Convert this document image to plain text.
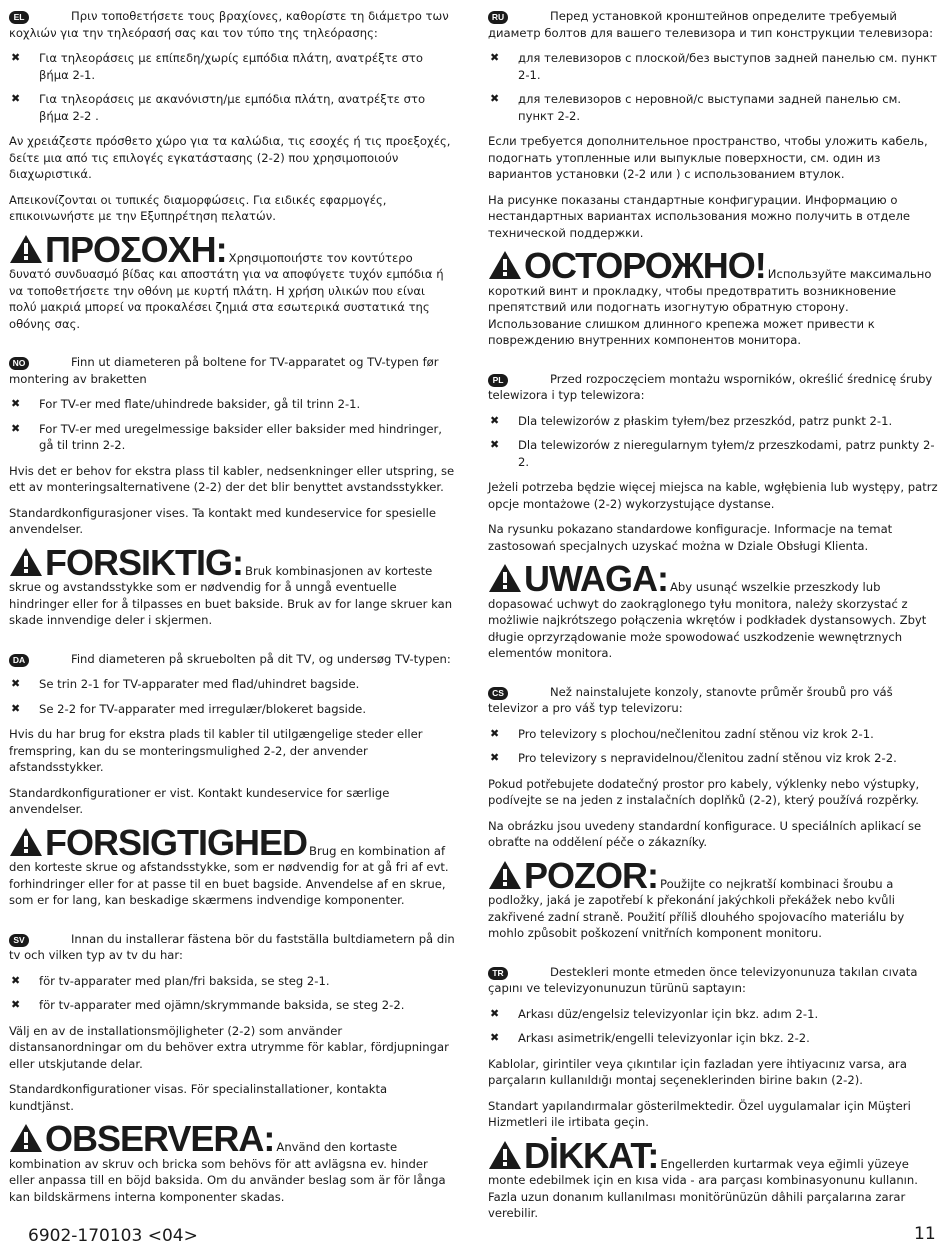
EL	Πριν τοποθετήσετε τους βραχίονες, καθορίστε τη διάμετρο των κοχλιών για την τηλεόρασή σας και τον τύπο της τηλεόρασης:

✖ Για τηλεοράσεις με επίπεδη/χωρίς εμπόδια πλάτη, ανατρέξτε στο βήμα 2-1.
✖ Για τηλεοράσεις με ακανόνιστη/με εμπόδια πλάτη, ανατρέξτε στο βήμα 2-2 .

Αν χρειάζεστε πρόσθετο χώρο για τα καλώδια, τις εσοχές ή τις προεξοχές, δείτε μια από τις επιλογές εγκατάστασης (2-2) που χρησιμοποιούν διαχωριστικά.

Απεικονίζονται οι τυπικές διαμορφώσεις. Για ειδικές εφαρμογές, επικοινωνήστε με την Εξυπηρέτηση πελατών.

ΠΡΟΣΟΧΗ: Χρησιμοποιήστε τον κοντύτερο δυνατό συνδυασμό βίδας και αποστάτη για να αποφύγετε τυχόν εμπόδια ή να τοποθετήσετε την οθόνη με κυρτή πλάτη. Η χρήση υλικών που είναι πολύ μακριά μπορεί να προκαλέσει ζημιά στα εσωτερικά συστατικά της οθόνης σας.

NO	Finn ut diameteren på boltene for TV-apparatet og TV-typen før montering av braketten

✖ For TV-er med flate/uhindrede baksider, gå til trinn 2-1.
✖ For TV-er med uregelmessige baksider eller baksider med hindringer, gå til trinn 2-2.

Hvis det er behov for ekstra plass til kabler, nedsenkninger eller utspring, se ett av monteringsalternativene (2-2) der det blir benyttet avstandsstykker.

Standardkonfigurasjoner vises. Ta kontakt med kundeservice for spesielle anvendelser.

FORSIKTIG: Bruk kombinasjonen av korteste skrue og avstandsstykke som er nødvendig for å unngå eventuelle hindringer eller for å tilpasses en buet bakside. Bruk av for lange skruer kan skade innvendige deler i skjermen.

DA	Find diameteren på skruebolten på dit TV, og undersøg TV-typen:

✖ Se trin 2-1 for TV-apparater med flad/uhindret bagside.
✖ Se 2-2 for TV-apparater med irregulær/blokeret bagside.

Hvis du har brug for ekstra plads til kabler til utilgængelige steder eller fremspring, kan du se monteringsmulighed 2-2, der anvender afstandsstykker.

Standardkonfigurationer er vist. Kontakt kundeservice for særlige anvendelser.

FORSIGTIGHED Brug en kombination af den korteste skrue og afstandsstykke, som er nødvendig for at gå fri af evt. forhindringer eller for at passe til en buet bagside. Anvendelse af en skrue, som er for lang, kan beskadige skærmens indvendige komponenter.

SV	Innan du installerar fästena bör du fastställa bultdiametern på din tv och vilken typ av tv du har:

✖ för tv-apparater med plan/fri baksida, se steg 2-1.
✖ för tv-apparater med ojämn/skrymmande baksida, se steg 2-2.

Välj en av de installationsmöjligheter (2-2) som använder distansanordningar om du behöver extra utrymme för kablar, fördjupningar eller utskjutande delar.

Standardkonfigurationer visas. För specialinstallationer, kontakta kundtjänst.

OBSERVERA: Använd den kortaste kombination av skruv och bricka som behövs för att avlägsna ev. hinder eller anpassa till en böjd baksida. Om du använder beslag som är för långa kan bildskärmens interna komponenter skadas.

RU	Перед установкой кронштейнов определите требуемый диаметр болтов для вашего телевизора и тип конструкции телевизора:

✖ для телевизоров с плоской/без выступов задней панелью см. пункт 2-1.
✖ для телевизоров с неровной/с выступами задней панелью см. пункт 2-2.

Если требуется дополнительное пространство, чтобы уложить кабель, подогнать утопленные или выпуклые поверхности, см. один из вариантов установки (2-2 или ) с использованием втулок.

На рисунке показаны стандартные конфигурации. Информацию о нестандартных вариантах использования можно получить в отделе технической поддержки.

ОСТОРОЖНО! Используйте максимально короткий винт и прокладку, чтобы предотвратить возникновение препятствий или подогнать изогнутую обратную сторону. Использование слишком длинного крепежа может привести к повреждению внутренних компонентов монитора.

PL	Przed rozpoczęciem montażu wsporników, określić średnicę śruby telewizora i typ telewizora:

✖ Dla telewizorów z płaskim tyłem/bez przeszkód, patrz punkt 2-1.
✖ Dla telewizorów z nieregularnym tyłem/z przeszkodami, patrz punkty 2-2.

Jeżeli potrzeba będzie więcej miejsca na kable, wgłębienia lub występy, patrz opcje montażowe (2-2) wykorzystujące dystanse.

Na rysunku pokazano standardowe konfiguracje. Informacje na temat zastosowań specjalnych uzyskać można w Dziale Obsługi Klienta.

UWAGA: Aby usunąć wszelkie przeszkody lub dopasować uchwyt do zaokrąglonego tyłu monitora, należy skorzystać z możliwie najkrótszego połączenia wkrętów i podkładek dystansowych. Zbyt długie oprzyrządowanie może spowodować uszkodzenie wewnętrznych elementów monitora.

CS	Než nainstalujete konzoly, stanovte průměr šroubů pro váš televizor a pro váš typ televizoru:

✖ Pro televizory s plochou/nečlenitou zadní stěnou viz krok 2-1.
✖ Pro televizory s nepravidelnou/členitou zadní stěnou viz krok 2-2.

Pokud potřebujete dodatečný prostor pro kabely, výklenky nebo výstupky, podívejte se na jeden z instalačních doplňků (2-2), který používá rozpěrky.

Na obrázku jsou uvedeny standardní konfigurace. U speciálních aplikací se obraťte na oddělení péče o zákazníky.

POZOR: Použijte co nejkratší kombinaci šroubu a podložky, jaká je zapotřebí k překonání jakýchkoli překážek nebo kvůli zakřivené zadní straně. Použití příliš dlouhého spojovacího materiálu by mohlo způsobit poškození vnitřních komponent monitoru.

TR	Destekleri monte etmeden önce televizyonunuza takılan cıvata çapını ve televizyonunuzun türünü saptayın:

✖ Arkası düz/engelsiz televizyonlar için bkz. adım 2-1.
✖ Arkası asimetrik/engelli televizyonlar için bkz. 2-2.

Kablolar, girintiler veya çıkıntılar için fazladan yere ihtiyacınız varsa, ara parçaların kullanıldığı montaj seçeneklerinden birine bakın (2-2).

Standart yapılandırmalar gösterilmektedir. Özel uygulamalar için Müşteri Hizmetleri ile irtibata geçin.

DİKKAT: Engellerden kurtarmak veya eğimli yüzeye monte edebilmek için en kısa vida - ara parçası kombinasyonunu kullanın. Fazla uzun donanım kullanılması monitörünüzün dâhili parçalarına zarar verebilir.

6902-170103 <04>	11
